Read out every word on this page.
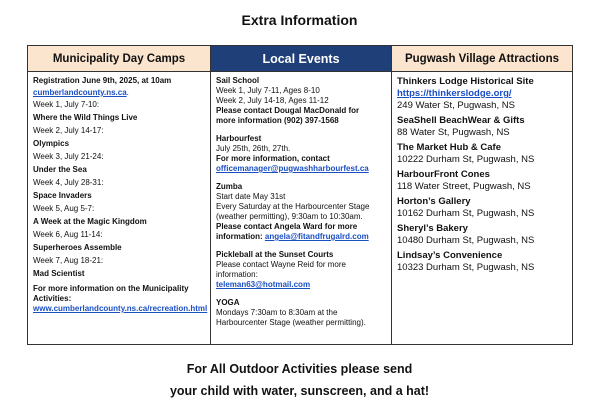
Extra Information
Municipality Day Camps

Registration June 9th, 2025, at 10am

cumberlandcounty.ns.ca.

Week 1, July 7-10:

Where the Wild Things Live

Week 2, July 14-17:

Olympics

Week 3, July 21-24:

Under the Sea

Week 4, July 28-31:

Space Invaders

Week 5, Aug 5-7:

A Week at the Magic Kingdom

Week 6, Aug 11-14:

Superheroes Assemble

Week 7, Aug 18-21:

Mad Scientist

For more information on the Municipality

Activities:

www.cumberlandcounty.ns.ca/recreation.html

Local Events

Sail School

Week 1, July 7-11, Ages 8-10

Week 2, July 14-18, Ages 11-12

Please contact Dougal MacDonald for

more information (902) 397-1568

Harbourfest

July 25th, 26th, 27th.

For more information, contact

officemanager@pugwashharbourfest.ca

Zumba

Start date May 31st

Every Saturday at the Harbourcenter Stage

(weather permitting), 9:30am to 10:30am.

Please contact Angela Ward for more

information: angela@fitandfrugalrd.com

Pickleball at the Sunset Courts

Please contact Wayne Reid for more

information:

teleman63@hotmail.com

YOGA

Mondays 7:30am to 8:30am at the

Harbourcenter Stage (weather permitting).

Pugwash Village Attractions

Thinkers Lodge Historical Site

https://thinkerslodge.org/

249 Water St, Pugwash, NS

SeaShell BeachWear & Gifts

88 Water St, Pugwash, NS

The Market Hub & Cafe

10222 Durham St, Pugwash, NS

HarbourFront Cones

118 Water Street, Pugwash, NS

Horton’s Gallery

10162 Durham St, Pugwash, NS

Sheryl’s Bakery

10480 Durham St, Pugwash, NS

Lindsay’s Convenience

10323 Durham St, Pugwash, NS

For All Outdoor Activities please send
your child with water, sunscreen, and a hat!
